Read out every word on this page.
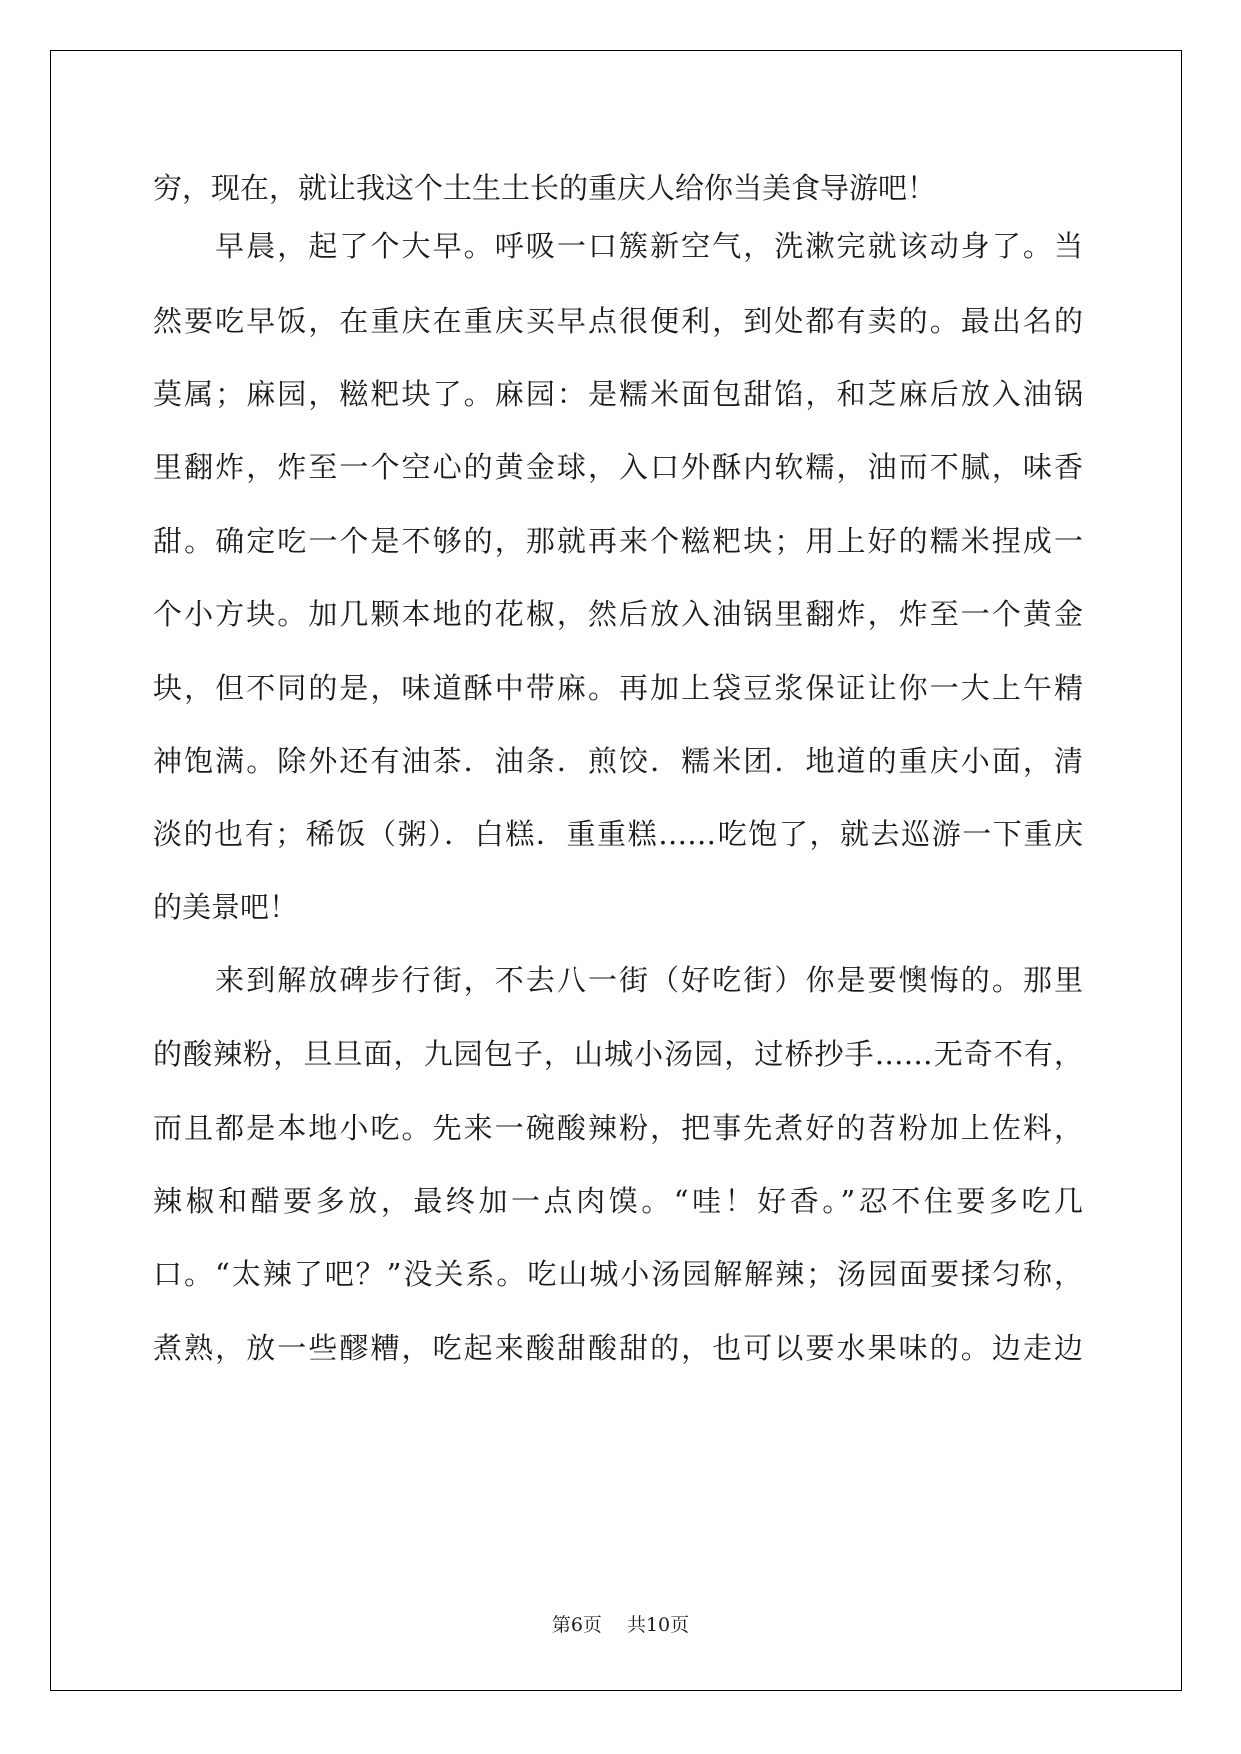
穷，现在，就让我这个土生土长的重庆人给你当美食导游吧！
　　早晨，起了个大早。呼吸一口簇新空气，洗漱完就该动身了。当
然要吃早饭，在重庆在重庆买早点很便利，到处都有卖的。最出名的
莫属；麻园，糍粑块了。麻园：是糯米面包甜馅，和芝麻后放入油锅
里翻炸，炸至一个空心的黄金球，入口外酥内软糯，油而不腻，味香
甜。确定吃一个是不够的，那就再来个糍粑块；用上好的糯米捏成一
个小方块。加几颗本地的花椒，然后放入油锅里翻炸，炸至一个黄金
块，但不同的是，味道酥中带麻。再加上袋豆浆保证让你一大上午精
神饱满。除外还有油茶．油条．煎饺．糯米团．地道的重庆小面，清
淡的也有；稀饭（粥）．白糕．重重糕……吃饱了，就去巡游一下重庆
的美景吧！
　　来到解放碑步行街，不去八一街（好吃街）你是要懊悔的。那里
的酸辣粉，旦旦面，九园包子，山城小汤园，过桥抄手……无奇不有，
而且都是本地小吃。先来一碗酸辣粉，把事先煮好的苕粉加上佐料，
辣椒和醋要多放，最终加一点肉馍。“哇！好香。”忍不住要多吃几
口。“太辣了吧？”没关系。吃山城小汤园解解辣；汤园面要揉匀称，
煮熟，放一些醪糟，吃起来酸甜酸甜的，也可以要水果味的。边走边
第6页　 共10页
